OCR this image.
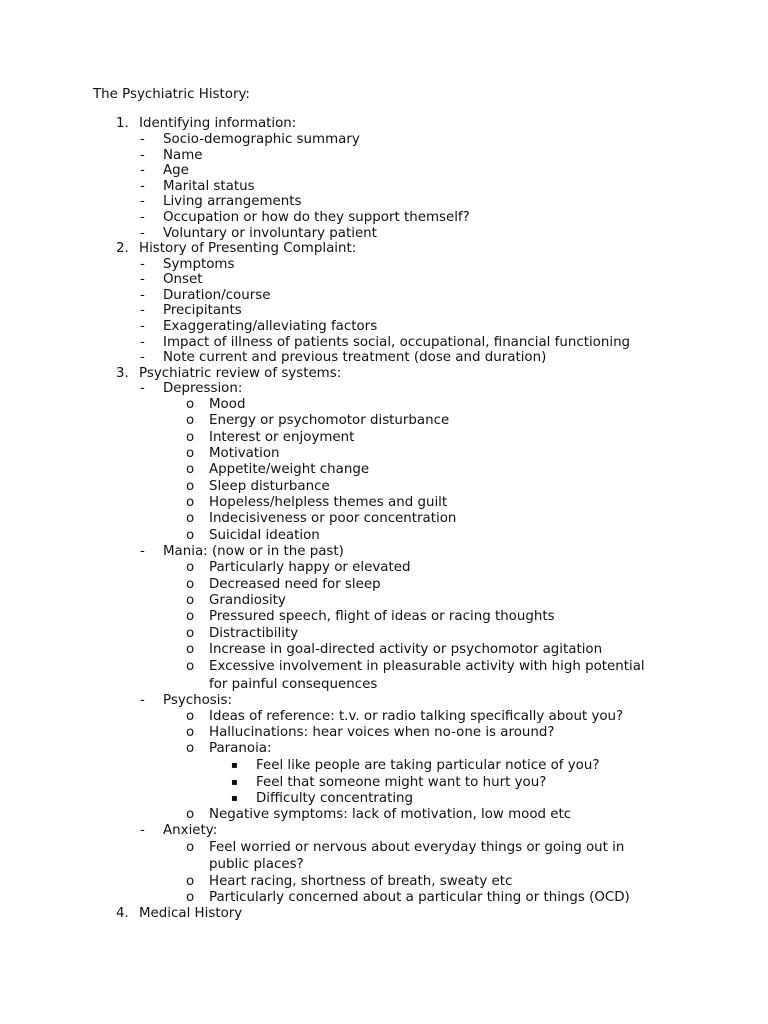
The Psychiatric History:
1. Identifying information:
- Socio-demographic summary
- Name
- Age
- Marital status
- Living arrangements
- Occupation or how do they support themself?
- Voluntary or involuntary patient
2. History of Presenting Complaint:
- Symptoms
- Onset
- Duration/course
- Precipitants
- Exaggerating/alleviating factors
- Impact of illness of patients social, occupational, financial functioning
- Note current and previous treatment (dose and duration)
3. Psychiatric review of systems:
- Depression:
o Mood
o Energy or psychomotor disturbance
o Interest or enjoyment
o Motivation
o Appetite/weight change
o Sleep disturbance
o Hopeless/helpless themes and guilt
o Indecisiveness or poor concentration
o Suicidal ideation
- Mania: (now or in the past)
o Particularly happy or elevated
o Decreased need for sleep
o Grandiosity
o Pressured speech, flight of ideas or racing thoughts
o Distractibility
o Increase in goal-directed activity or psychomotor agitation
o Excessive involvement in pleasurable activity with high potential
for painful consequences
- Psychosis:
o Ideas of reference: t.v. or radio talking specifically about you?
o Hallucinations: hear voices when no-one is around?
o Paranoia:
▪ Feel like people are taking particular notice of you?
▪ Feel that someone might want to hurt you?
▪ Difficulty concentrating
o Negative symptoms: lack of motivation, low mood etc
- Anxiety:
o Feel worried or nervous about everyday things or going out in
public places?
o Heart racing, shortness of breath, sweaty etc
o Particularly concerned about a particular thing or things (OCD)
4. Medical History
